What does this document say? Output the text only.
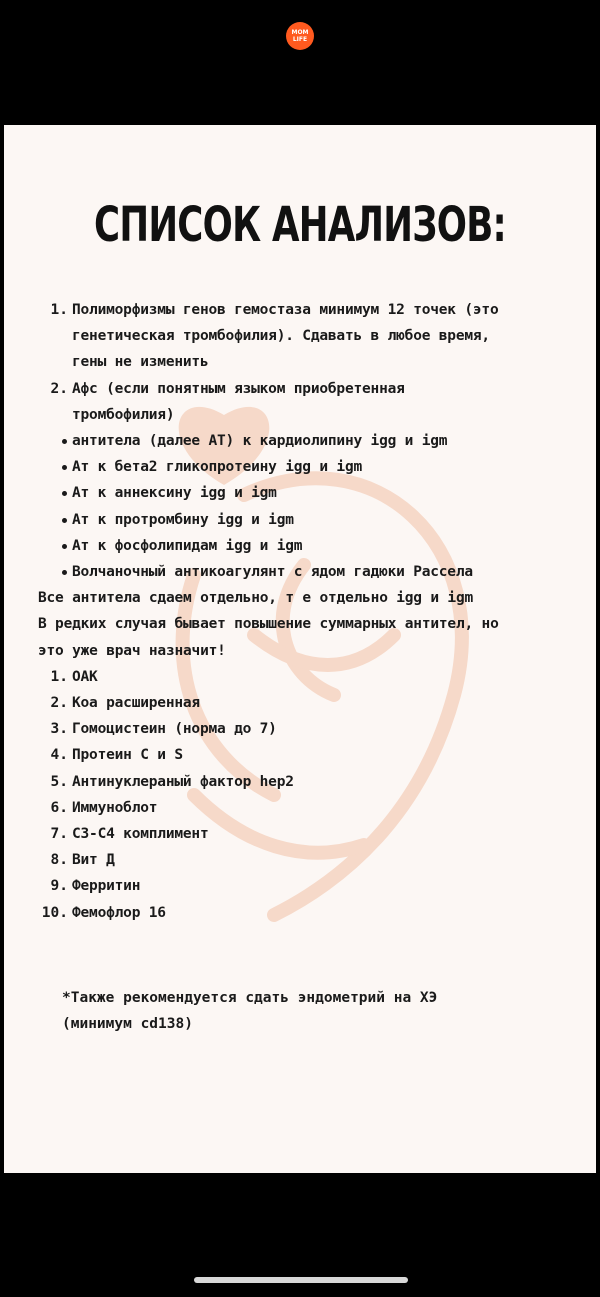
MOM
LIFE
СПИСОК АНАЛИЗОВ:
1. Полиморфизмы генов гемостаза минимум 12 точек (это
генетическая тромбофилия). Сдавать в любое время,
гены не изменить
2. Афс (если понятным языком приобретенная
тромбофилия)
антитела (далее АТ) к кардиолипину igg и igm
Ат к бета2 гликопротеину igg и igm
Ат к аннексину igg и igm
Ат к протромбину igg и igm
Ат к фосфолипидам igg и igm
Волчаночный антикоагулянт с ядом гадюки Рассела
Все антитела сдаем отдельно, т е отдельно igg и igm
В редких случая бывает повышение суммарных антител, но
это уже врач назначит!
1. ОАК
2. Коа расширенная
3. Гомоцистеин (норма до 7)
4. Протеин C и S
5. Антинуклераный фактор hep2
6. Иммуноблот
7. C3-C4 комплимент
8. Вит Д
9. Ферритин
10. Фемофлор 16
*Также рекомендуется сдать эндометрий на ХЭ
(минимум cd138)
